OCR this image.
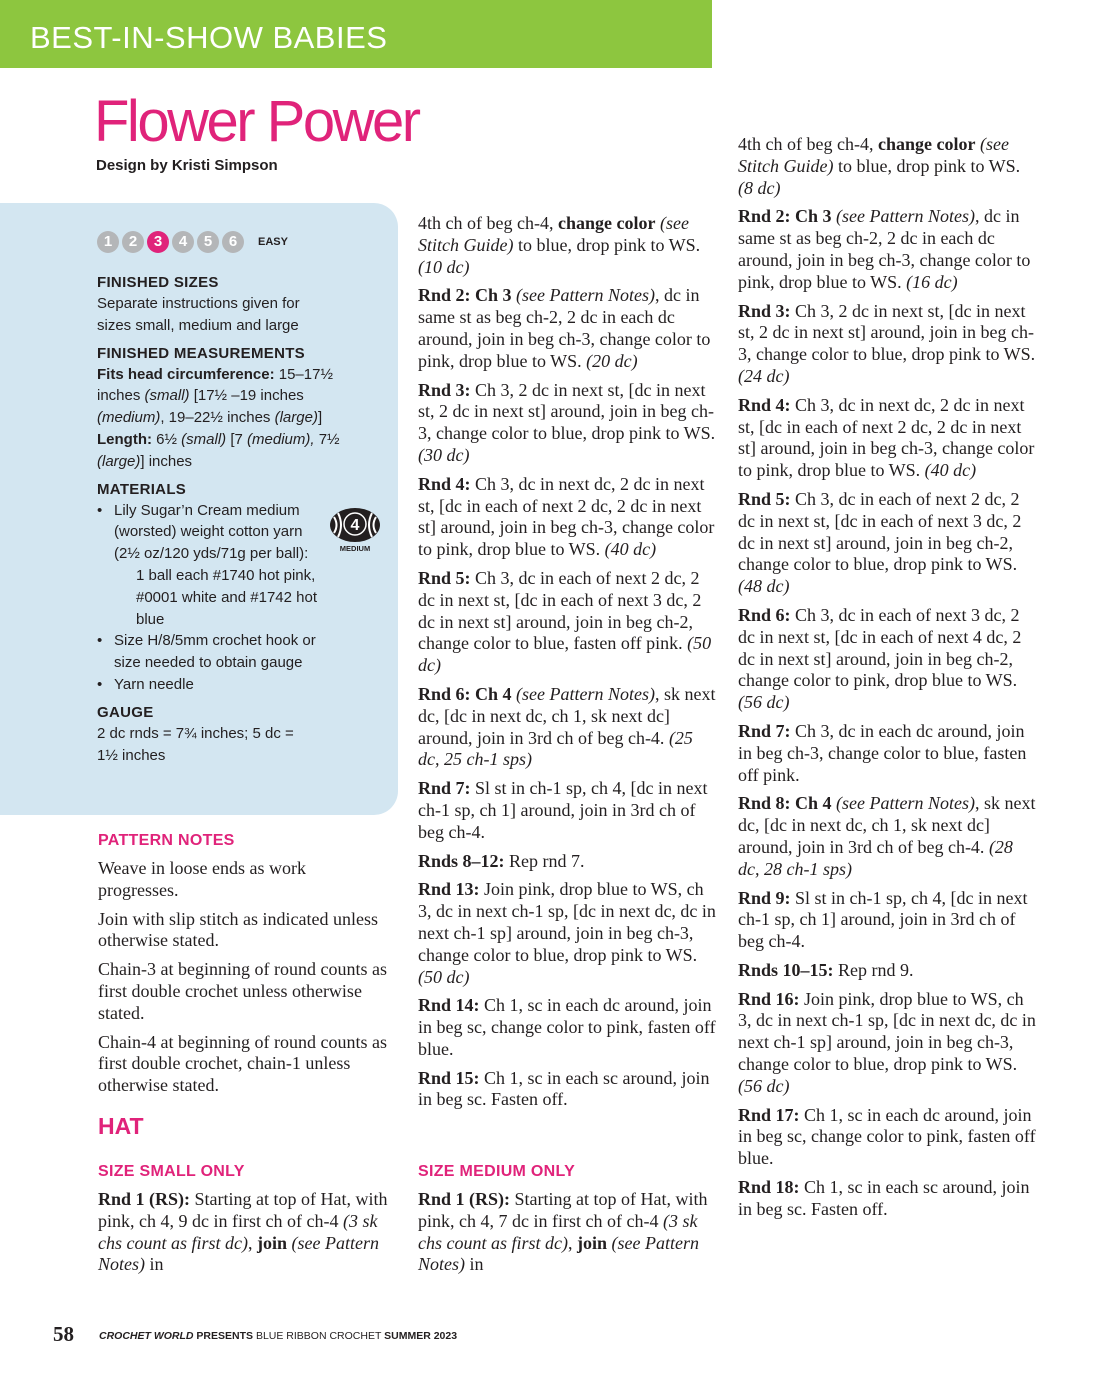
BEST-IN-SHOW BABIES
Flower Power
Design by Kristi Simpson
1	2	3	4	5	6	EASY
FINISHED SIZES
Separate instructions given for sizes small, medium and large
FINISHED MEASUREMENTS
Fits head circumference: 15–17½ inches (small) [17½ –19 inches (medium), 19–22½ inches (large)]
Length: 6½ (small) [7 (medium), 7½ (large)] inches
MATERIALS
• Lily Sugar’n Cream medium (worsted) weight cotton yarn (2½ oz/120 yds/71g per ball):
1 ball each #1740 hot pink, #0001 white and #1742 hot blue
• Size H/8/5mm crochet hook or size needed to obtain gauge
• Yarn needle
GAUGE
2 dc rnds = 7¾ inches; 5 dc = 1½ inches
4
MEDIUM
PATTERN NOTES

Weave in loose ends as work progresses.

Join with slip stitch as indicated unless otherwise stated.

Chain-3 at beginning of round counts as first double crochet unless otherwise stated.

Chain-4 at beginning of round counts as first double crochet, chain-1 unless otherwise stated.

HAT
SIZE SMALL ONLY

Rnd 1 (RS): Starting at top of Hat, with pink, ch 4, 9 dc in first ch of ch-4 (3 sk chs count as first dc), join (see Pattern Notes) in

4th ch of beg ch-4, change color (see Stitch Guide) to blue, drop pink to WS. (10 dc)

Rnd 2: Ch 3 (see Pattern Notes), dc in same st as beg ch-2, 2 dc in each dc around, join in beg ch-3, change color to pink, drop blue to WS. (20 dc)

Rnd 3: Ch 3, 2 dc in next st, [dc in next st, 2 dc in next st] around, join in beg ch-3, change color to blue, drop pink to WS. (30 dc)

Rnd 4: Ch 3, dc in next dc, 2 dc in next st, [dc in each of next 2 dc, 2 dc in next st] around, join in beg ch-3, change color to pink, drop blue to WS. (40 dc)

Rnd 5: Ch 3, dc in each of next 2 dc, 2 dc in next st, [dc in each of next 3 dc, 2 dc in next st] around, join in beg ch-2, change color to blue, fasten off pink. (50 dc)

Rnd 6: Ch 4 (see Pattern Notes), sk next dc, [dc in next dc, ch 1, sk next dc] around, join in 3rd ch of beg ch-4. (25 dc, 25 ch-1 sps)

Rnd 7: Sl st in ch-1 sp, ch 4, [dc in next ch-1 sp, ch 1] around, join in 3rd ch of beg ch-4.

Rnds 8–12: Rep rnd 7.

Rnd 13: Join pink, drop blue to WS, ch 3, dc in next ch-1 sp, [dc in next dc, dc in next ch-1 sp] around, join in beg ch-3, change color to blue, drop pink to WS. (50 dc)

Rnd 14: Ch 1, sc in each dc around, join in beg sc, change color to pink, fasten off blue.

Rnd 15: Ch 1, sc in each sc around, join in beg sc. Fasten off.

SIZE MEDIUM ONLY

Rnd 1 (RS): Starting at top of Hat, with pink, ch 4, 7 dc in first ch of ch-4 (3 sk chs count as first dc), join (see Pattern Notes) in

4th ch of beg ch-4, change color (see Stitch Guide) to blue, drop pink to WS. (8 dc)

Rnd 2: Ch 3 (see Pattern Notes), dc in same st as beg ch-2, 2 dc in each dc around, join in beg ch-3, change color to pink, drop blue to WS. (16 dc)

Rnd 3: Ch 3, 2 dc in next st, [dc in next st, 2 dc in next st] around, join in beg ch-3, change color to blue, drop pink to WS. (24 dc)

Rnd 4: Ch 3, dc in next dc, 2 dc in next st, [dc in each of next 2 dc, 2 dc in next st] around, join in beg ch-3, change color to pink, drop blue to WS. (40 dc)

Rnd 5: Ch 3, dc in each of next 2 dc, 2 dc in next st, [dc in each of next 3 dc, 2 dc in next st] around, join in beg ch-2, change color to blue, drop pink to WS. (48 dc)

Rnd 6: Ch 3, dc in each of next 3 dc, 2 dc in next st, [dc in each of next 4 dc, 2 dc in next st] around, join in beg ch-2, change color to pink, drop blue to WS. (56 dc)

Rnd 7: Ch 3, dc in each dc around, join in beg ch-3, change color to blue, fasten off pink.

Rnd 8: Ch 4 (see Pattern Notes), sk next dc, [dc in next dc, ch 1, sk next dc] around, join in 3rd ch of beg ch-4. (28 dc, 28 ch-1 sps)

Rnd 9: Sl st in ch-1 sp, ch 4, [dc in next ch-1 sp, ch 1] around, join in 3rd ch of beg ch-4.

Rnds 10–15: Rep rnd 9.

Rnd 16: Join pink, drop blue to WS, ch 3, dc in next ch-1 sp, [dc in next dc, dc in next ch-1 sp] around, join in beg ch-3, change color to blue, drop pink to WS. (56 dc)

Rnd 17: Ch 1, sc in each dc around, join in beg sc, change color to pink, fasten off blue.

Rnd 18: Ch 1, sc in each sc around, join in beg sc. Fasten off.

58 CROCHET WORLD PRESENTS BLUE RIBBON CROCHET SUMMER 2023
